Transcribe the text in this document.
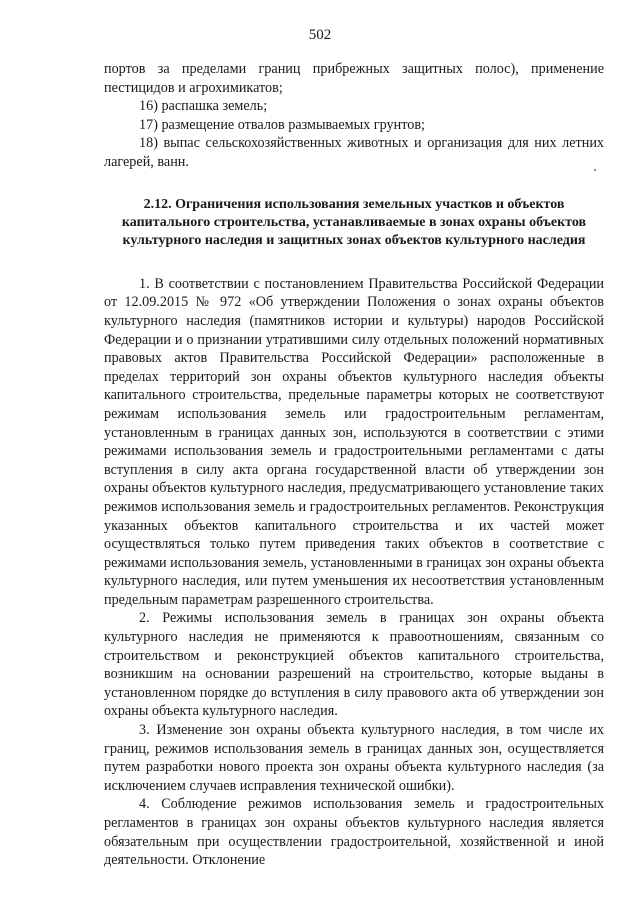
502

портов за пределами границ прибрежных защитных полос), применение пестицидов и агрохимикатов;

16) распашка земель;

17) размещение отвалов размываемых грунтов;

18) выпас сельскохозяйственных животных и организация для них летних лагерей, ванн.

2.12. Ограничения использования земельных участков и объектов капитального строительства, устанавливаемые в зонах охраны объектов культурного наследия и защитных зонах объектов культурного наследия

1. В соответствии с постановлением Правительства Российской Федерации от 12.09.2015 № 972 «Об утверждении Положения о зонах охраны объектов культурного наследия (памятников истории и культуры) народов Российской Федерации и о признании утратившими силу отдельных положений нормативных правовых актов Правительства Российской Федерации» расположенные в пределах территорий зон охраны объектов культурного наследия объекты капитального строительства, предельные параметры которых не соответствуют режимам использования земель или градостроительным регламентам, установленным в границах данных зон, используются в соответствии с этими режимами использования земель и градостроительными регламентами с даты вступления в силу акта органа государственной власти об утверждении зон охраны объектов культурного наследия, предусматривающего установление таких режимов использования земель и градостроительных регламентов. Реконструкция указанных объектов капитального строительства и их частей может осуществляться только путем приведения таких объектов в соответствие с режимами использования земель, установленными в границах зон охраны объекта культурного наследия, или путем уменьшения их несоответствия установленным предельным параметрам разрешенного строительства.

2. Режимы использования земель в границах зон охраны объекта культурного наследия не применяются к правоотношениям, связанным со строительством и реконструкцией объектов капитального строительства, возникшим на основании разрешений на строительство, которые выданы в установленном порядке до вступления в силу правового акта об утверждении зон охраны объекта культурного наследия.

3. Изменение зон охраны объекта культурного наследия, в том числе их границ, режимов использования земель в границах данных зон, осуществляется путем разработки нового проекта зон охраны объекта культурного наследия (за исключением случаев исправления технической ошибки).

4. Соблюдение режимов использования земель и градостроительных регламентов в границах зон охраны объектов культурного наследия является обязательным при осуществлении градостроительной, хозяйственной и иной деятельности. Отклонение
